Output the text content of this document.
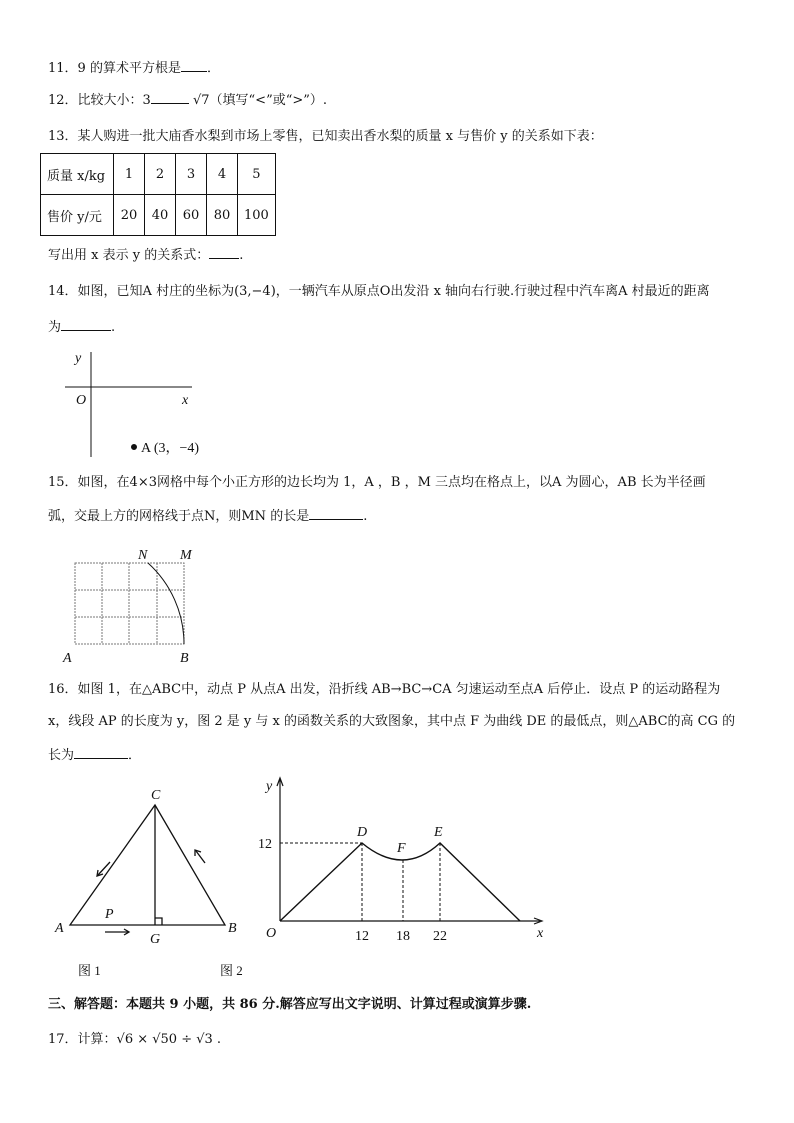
11．9 的算术平方根是 ．
12．比较大小：3	√7（填写“<”或“>”）.
13．某人购进一批大庙香水梨到市场上零售，已知卖出香水梨的质量 x 与售价 y 的关系如下表：
质量 x/kg	1	2	3	4	5
售价 y/元	20	40	60	80	100
写出用 x 表示 y 的关系式： .
14．如图，已知A 村庄的坐标为(3,−4)，一辆汽车从原点O出发沿 x 轴向右行驶.行驶过程中汽车离A 村最近的距离
为	.
15．如图，在4×3网格中每个小正方形的边长均为 1，A ，B ，M 三点均在格点上，以A 为圆心，AB 长为半径画
弧，交最上方的网格线于点N，则MN 的长是	.
16．如图 1，在△ABC中，动点 P 从点A 出发，沿折线 AB→BC→CA 匀速运动至点A 后停止．设点 P 的运动路程为
x，线段 AP 的长度为 y，图 2 是 y 与 x 的函数关系的大致图象，其中点 F 为曲线 DE 的最低点，则△ABC的高 CG 的
长为	．
三、解答题：本题共 9 小题，共 86 分.解答应写出文字说明、计算过程或演算步骤.
17．计算：√6 × √50 ÷ √3 .
y
O	x
A (3，−4)
N M
A	B
C
A	B
G
P
图 1
y
x
O
12
12 18 22
D
F
E
图 2
